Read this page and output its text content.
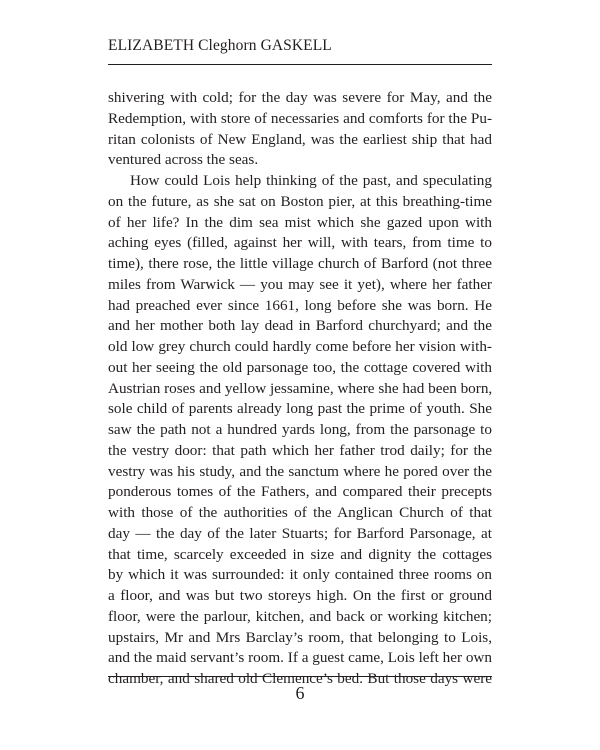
ELIZABETH Cleghorn GASKELL
shivering with cold; for the day was severe for May, and the
Redemption, with store of necessaries and comforts for the Pu-
ritan colonists of New England, was the earliest ship that had
ventured across the seas.
How could Lois help thinking of the past, and speculating
on the future, as she sat on Boston pier, at this breathing-time
of her life? In the dim sea mist which she gazed upon with
aching eyes (filled, against her will, with tears, from time to
time), there rose, the little village church of Barford (not three
miles from Warwick — you may see it yet), where her father
had preached ever since 1661, long before she was born. He
and her mother both lay dead in Barford churchyard; and the
old low grey church could hardly come before her vision with-
out her seeing the old parsonage too, the cottage covered with
Austrian roses and yellow jessamine, where she had been born,
sole child of parents already long past the prime of youth. She
saw the path not a hundred yards long, from the parsonage to
the vestry door: that path which her father trod daily; for the
vestry was his study, and the sanctum where he pored over the
ponderous tomes of the Fathers, and compared their precepts
with those of the authorities of the Anglican Church of that
day — the day of the later Stuarts; for Barford Parsonage, at
that time, scarcely exceeded in size and dignity the cottages
by which it was surrounded: it only contained three rooms on
a floor, and was but two storeys high. On the first or ground
floor, were the parlour, kitchen, and back or working kitchen;
upstairs, Mr and Mrs Barclay’s room, that belonging to Lois,
and the maid servant’s room. If a guest came, Lois left her own
chamber, and shared old Clemence’s bed. But those days were
6
